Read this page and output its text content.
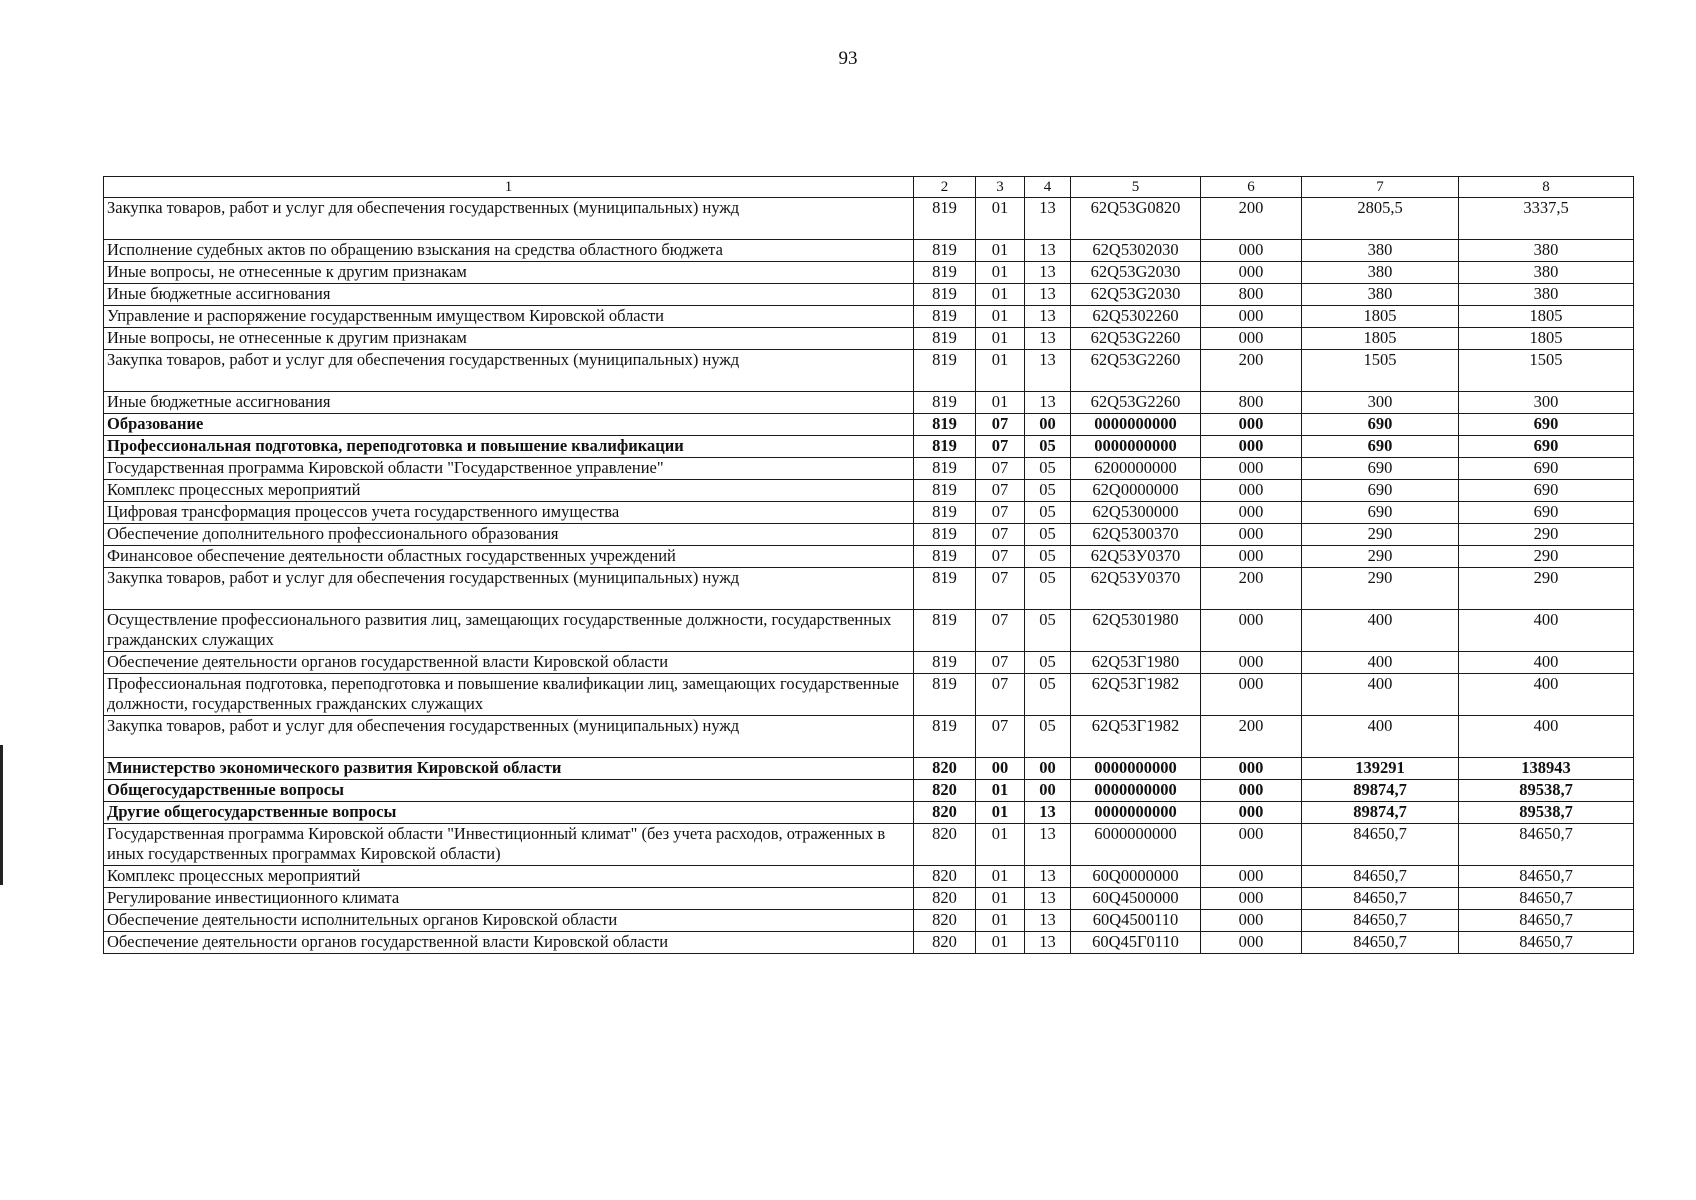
93
1	2	3	4	5	6	7	8
Закупка товаров, работ и услуг для обеспечения государственных (муниципальных) нужд	819	01	13	62Q53G0820	200	2805,5	3337,5
Исполнение судебных актов по обращению взыскания на средства областного бюджета	819	01	13	62Q5302030	000	380	380
Иные вопросы, не отнесенные к другим признакам	819	01	13	62Q53G2030	000	380	380
Иные бюджетные ассигнования	819	01	13	62Q53G2030	800	380	380
Управление и распоряжение государственным имуществом Кировской области	819	01	13	62Q5302260	000	1805	1805
Иные вопросы, не отнесенные к другим признакам	819	01	13	62Q53G2260	000	1805	1805
Закупка товаров, работ и услуг для обеспечения государственных (муниципальных) нужд	819	01	13	62Q53G2260	200	1505	1505
Иные бюджетные ассигнования	819	01	13	62Q53G2260	800	300	300
Образование	819	07	00	0000000000	000	690	690
Профессиональная подготовка, переподготовка и повышение квалификации	819	07	05	0000000000	000	690	690
Государственная программа Кировской области "Государственное управление"	819	07	05	6200000000	000	690	690
Комплекс процессных мероприятий	819	07	05	62Q0000000	000	690	690
Цифровая трансформация процессов учета государственного имущества	819	07	05	62Q5300000	000	690	690
Обеспечение дополнительного профессионального образования	819	07	05	62Q5300370	000	290	290
Финансовое обеспечение деятельности областных государственных учреждений	819	07	05	62Q53У0370	000	290	290
Закупка товаров, работ и услуг для обеспечения государственных (муниципальных) нужд	819	07	05	62Q53У0370	200	290	290
Осуществление профессионального развития лиц, замещающих государственные должности, государственных гражданских служащих	819	07	05	62Q5301980	000	400	400
Обеспечение деятельности органов государственной власти Кировской области	819	07	05	62Q53Г1980	000	400	400
Профессиональная подготовка, переподготовка и повышение квалификации лиц, замещающих государственные должности, государственных гражданских служащих	819	07	05	62Q53Г1982	000	400	400
Закупка товаров, работ и услуг для обеспечения государственных (муниципальных) нужд	819	07	05	62Q53Г1982	200	400	400
Министерство экономического развития Кировской области	820	00	00	0000000000	000	139291	138943
Общегосударственные вопросы	820	01	00	0000000000	000	89874,7	89538,7
Другие общегосударственные вопросы	820	01	13	0000000000	000	89874,7	89538,7
Государственная программа Кировской области "Инвестиционный климат" (без учета расходов, отраженных в иных государственных программах Кировской области)	820	01	13	6000000000	000	84650,7	84650,7
Комплекс процессных мероприятий	820	01	13	60Q0000000	000	84650,7	84650,7
Регулирование инвестиционного климата	820	01	13	60Q4500000	000	84650,7	84650,7
Обеспечение деятельности исполнительных органов Кировской области	820	01	13	60Q4500110	000	84650,7	84650,7
Обеспечение деятельности органов государственной власти Кировской области	820	01	13	60Q45Г0110	000	84650,7	84650,7
